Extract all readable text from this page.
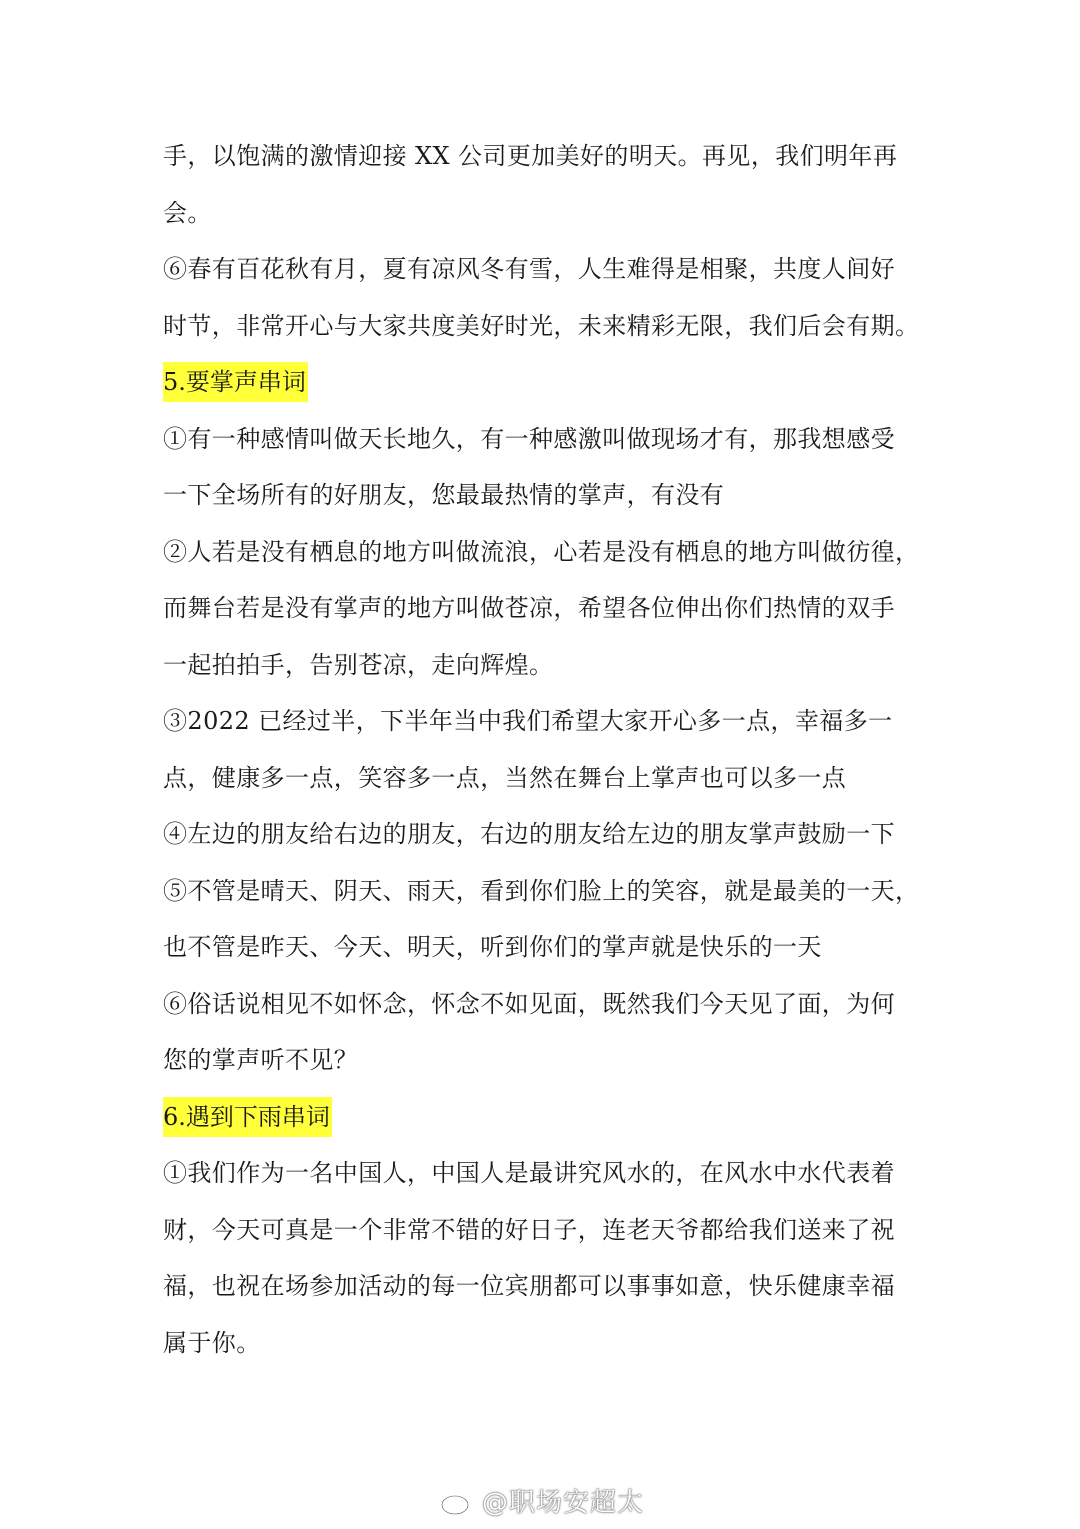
手，以饱满的激情迎接 XX 公司更加美好的明天。再见，我们明年再
会。
⑥春有百花秋有月，夏有凉风冬有雪，人生难得是相聚，共度人间好
时节，非常开心与大家共度美好时光，未来精彩无限，我们后会有期。
5.要掌声串词
①有一种感情叫做天长地久，有一种感激叫做现场才有，那我想感受
一下全场所有的好朋友，您最最热情的掌声，有没有
②人若是没有栖息的地方叫做流浪，心若是没有栖息的地方叫做彷徨，
而舞台若是没有掌声的地方叫做苍凉，希望各位伸出你们热情的双手
一起拍拍手，告别苍凉，走向辉煌。
③2022 已经过半，下半年当中我们希望大家开心多一点，幸福多一
点，健康多一点，笑容多一点，当然在舞台上掌声也可以多一点
④左边的朋友给右边的朋友，右边的朋友给左边的朋友掌声鼓励一下
⑤不管是晴天、阴天、雨天，看到你们脸上的笑容，就是最美的一天，
也不管是昨天、今天、明天，听到你们的掌声就是快乐的一天
⑥俗话说相见不如怀念，怀念不如见面，既然我们今天见了面，为何
您的掌声听不见？
6.遇到下雨串词
①我们作为一名中国人，中国人是最讲究风水的，在风水中水代表着
财，今天可真是一个非常不错的好日子，连老天爷都给我们送来了祝
福，也祝在场参加活动的每一位宾朋都可以事事如意，快乐健康幸福
属于你。
@职场安超太
